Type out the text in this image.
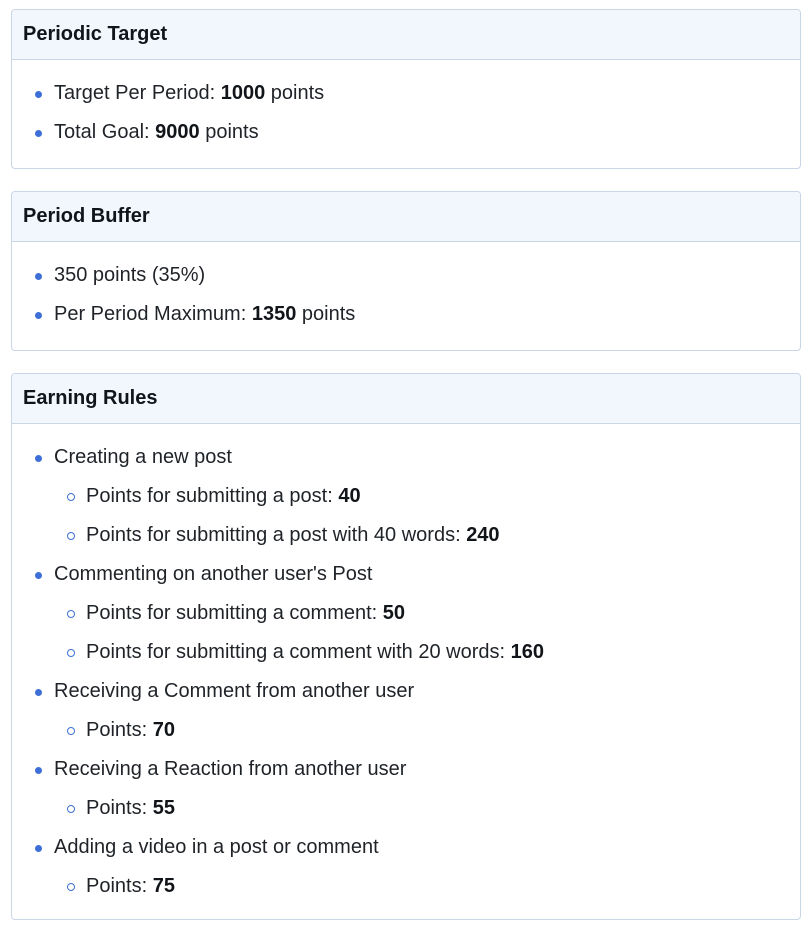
Periodic Target
Target Per Period: 1000 points
Total Goal: 9000 points
Period Buffer
350 points (35%)
Per Period Maximum: 1350 points
Earning Rules
Creating a new post
Points for submitting a post: 40
Points for submitting a post with 40 words: 240
Commenting on another user's Post
Points for submitting a comment: 50
Points for submitting a comment with 20 words: 160
Receiving a Comment from another user
Points: 70
Receiving a Reaction from another user
Points: 55
Adding a video in a post or comment
Points: 75
